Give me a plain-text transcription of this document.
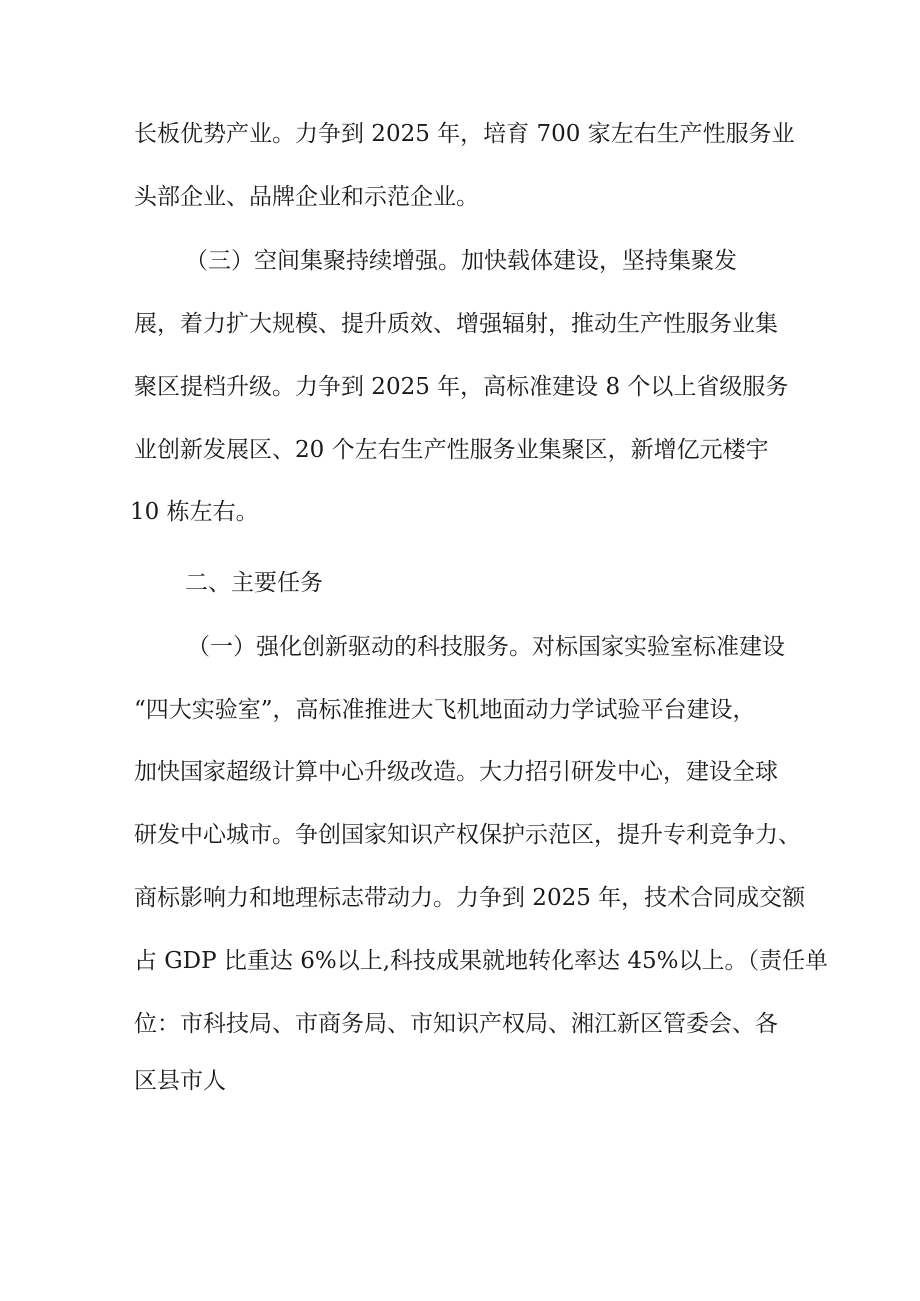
长板优势产业。力争到 2025 年，培育 700 家左右生产性服务业
头部企业、品牌企业和示范企业。
（三）空间集聚持续增强。加快载体建设，坚持集聚发
展，着力扩大规模、提升质效、增强辐射，推动生产性服务业集
聚区提档升级。力争到 2025 年，高标准建设 8 个以上省级服务
业创新发展区、20 个左右生产性服务业集聚区，新增亿元楼宇
10 栋左右。
二、主要任务
（一）强化创新驱动的科技服务。对标国家实验室标准建设
“四大实验室”，高标准推进大飞机地面动力学试验平台建设，
加快国家超级计算中心升级改造。大力招引研发中心，建设全球
研发中心城市。争创国家知识产权保护示范区，提升专利竞争力、
商标影响力和地理标志带动力。力争到 2025 年，技术合同成交额
占 GDP 比重达 6%以上,科技成果就地转化率达 45%以上。（责任单
位：市科技局、市商务局、市知识产权局、湘江新区管委会、各
区县市人
